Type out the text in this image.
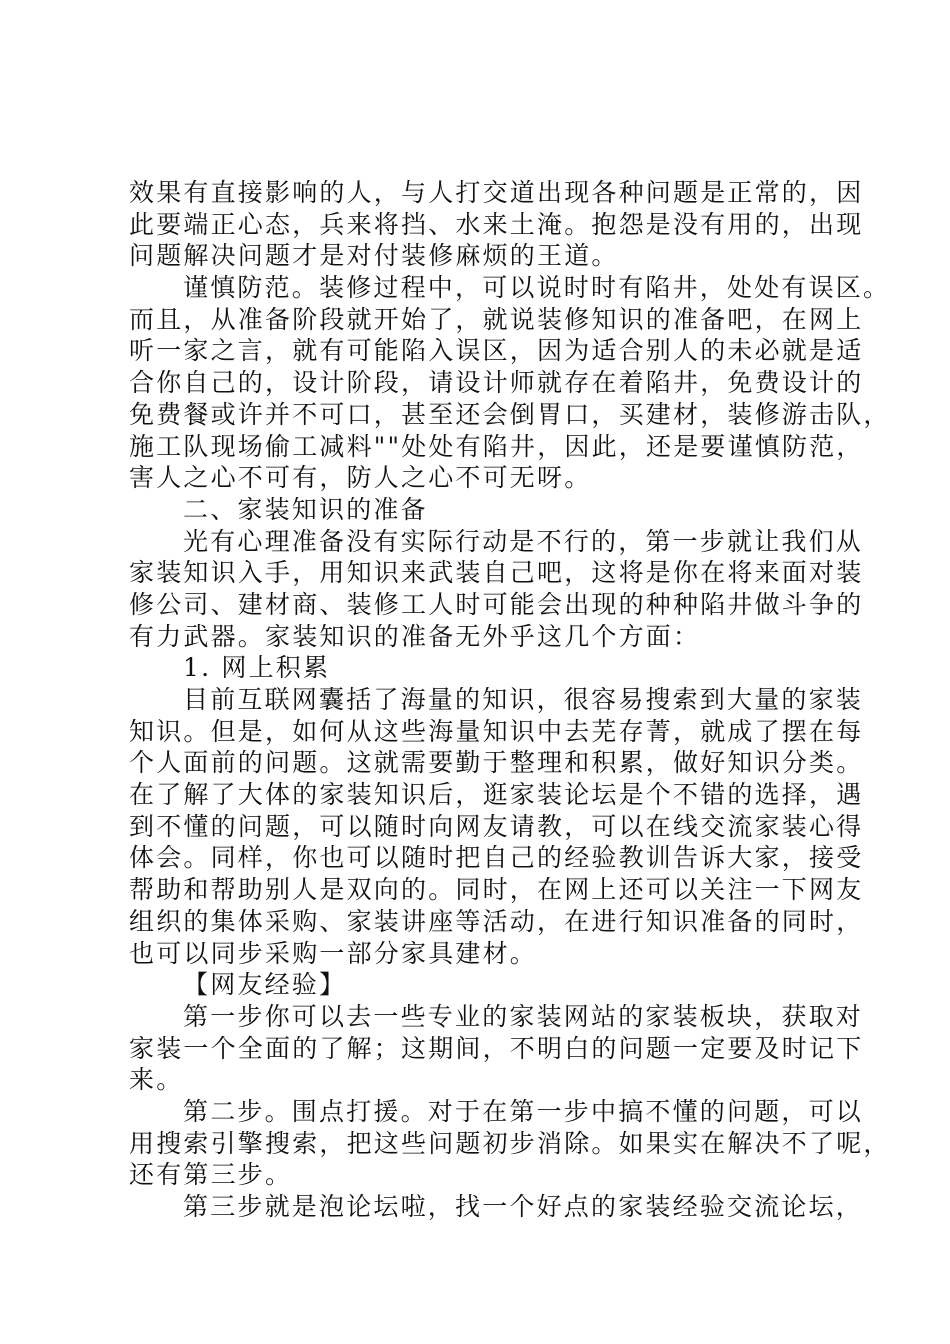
效果有直接影响的人，与人打交道出现各种问题是正常的，因
此要端正心态，兵来将挡、水来土淹。抱怨是没有用的，出现
问题解决问题才是对付装修麻烦的王道。
谨慎防范。装修过程中，可以说时时有陷井，处处有误区。
而且，从准备阶段就开始了，就说装修知识的准备吧，在网上
听一家之言，就有可能陷入误区，因为适合别人的未必就是适
合你自己的，设计阶段，请设计师就存在着陷井，免费设计的
免费餐或许并不可口，甚至还会倒胃口，买建材，装修游击队，
施工队现场偷工减料""处处有陷井，因此，还是要谨慎防范，
害人之心不可有，防人之心不可无呀。
二、家装知识的准备
光有心理准备没有实际行动是不行的，第一步就让我们从
家装知识入手，用知识来武装自己吧，这将是你在将来面对装
修公司、建材商、装修工人时可能会出现的种种陷井做斗争的
有力武器。家装知识的准备无外乎这几个方面：
1. 网上积累
目前互联网囊括了海量的知识，很容易搜索到大量的家装
知识。但是，如何从这些海量知识中去芜存菁，就成了摆在每
个人面前的问题。这就需要勤于整理和积累，做好知识分类。
在了解了大体的家装知识后，逛家装论坛是个不错的选择，遇
到不懂的问题，可以随时向网友请教，可以在线交流家装心得
体会。同样，你也可以随时把自己的经验教训告诉大家，接受
帮助和帮助别人是双向的。同时，在网上还可以关注一下网友
组织的集体采购、家装讲座等活动，在进行知识准备的同时，
也可以同步采购一部分家具建材。
【网友经验】
第一步你可以去一些专业的家装网站的家装板块，获取对
家装一个全面的了解；这期间，不明白的问题一定要及时记下
来。
第二步。围点打援。对于在第一步中搞不懂的问题，可以
用搜索引擎搜索，把这些问题初步消除。如果实在解决不了呢，
还有第三步。
第三步就是泡论坛啦，找一个好点的家装经验交流论坛，
